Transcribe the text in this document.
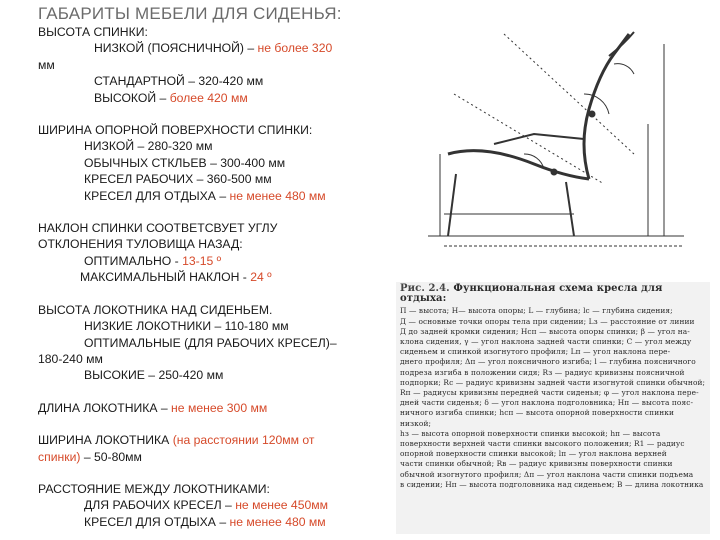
ГАБАРИТЫ МЕБЕЛИ ДЛЯ СИДЕНЬЯ:
ВЫСОТА СПИНКИ:
НИЗКОЙ (ПОЯСНИЧНОЙ) – не более 320
мм
СТАНДАРТНОЙ – 320-420 мм
ВЫСОКОЙ – более 420 мм
ШИРИНА ОПОРНОЙ ПОВЕРХНОСТИ СПИНКИ:
НИЗКОЙ – 280-320 мм
ОБЫЧНЫХ СТКЛЬЕВ – 300-400 мм
КРЕСЕЛ РАБОЧИХ – 360-500 мм
КРЕСЕЛ ДЛЯ ОТДЫХА – не менее 480 мм
НАКЛОН СПИНКИ СООТВЕТСВУЕТ УГЛУ
ОТКЛОНЕНИЯ ТУЛОВИЩА НАЗАД:
ОПТИМАЛЬНО - 13-15 º
МАКСИМАЛЬНЫЙ НАКЛОН - 24 º
ВЫСОТА ЛОКОТНИКА НАД СИДЕНЬЕМ.
НИЗКИЕ ЛОКОТНИКИ – 110-180 мм
ОПТИМАЛЬНЫЕ (ДЛЯ РАБОЧИХ КРЕСЕЛ)–
180-240 мм
ВЫСОКИЕ – 250-420 мм
ДЛИНА ЛОКОТНИКА – не менее 300 мм
ШИРИНА ЛОКОТНИКА (на расстоянии 120мм от
спинки) – 50-80мм
РАССТОЯНИЕ МЕЖДУ ЛОКОТНИКАМИ:
ДЛЯ РАБОЧИХ КРЕСЕЛ – не менее 450мм
КРЕСЕЛ ДЛЯ ОТДЫХА – не менее 480 мм
Рис. 2.4. Функциональная схема кресла для отдыха:
П — высота; Н— высота опоры; L — глубина; lс — глубина сидения;
Д — основные точки опоры тела при сидении; Lз — расстояние от линии
Д до задней кромки сидения; Hсп — высота опоры спинки; β — угол на-
клона сидения, γ — угол наклона задней части спинки; С — угол между
сиденьем и спинкой изогнутого профиля; Lп — угол наклона пере-
днего профиля; Δп — угол поясничного изгиба; l — глубина поясничного
подреза изгиба в положении сидя; Rз — радиус кривизны поясничной
подпорки; Rс — радиус кривизны задней части изогнутой спинки обычной;
Rп — радиусы кривизны передней части сиденья; φ — угол наклона пере-
дней части сиденья; δ — угол наклона подголовника; Hп — высота пояс-
ничного изгиба спинки; hсп — высота опорной поверхности спинки низкой;
hз — высота опорной поверхности спинки высокой; hп — высота
поверхности верхней части спинки высокого положения; R1 — радиус
опорной поверхности спинки высокой; lп — угол наклона верхней
части спинки обычной; Rв — радиус кривизны поверхности спинки
обычной изогнутого профиля; Δп — угол наклона части спинки подъема
в сидении; Hп — высота подголовника над сиденьем; В — длина локотника
